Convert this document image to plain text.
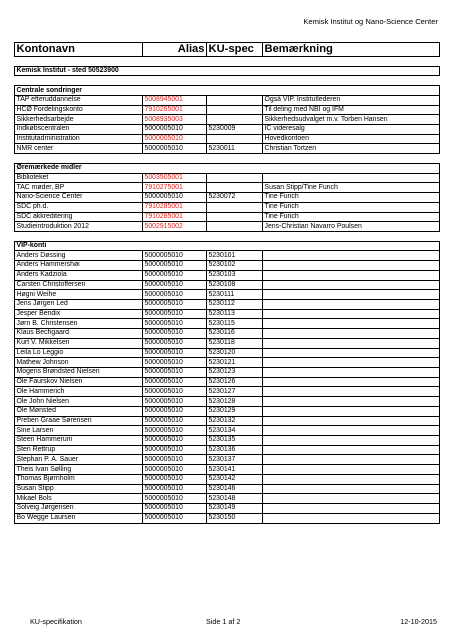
Kemisk Institut og Nano-Science Center
Kontonavn	Alias	KU-spec	Bemærkning

Kemisk Institut - sted 50523900			

Centrale sondringer			
TAP efteruddannelse	5008945001		Også VIP. Institutlederen
HCØ Fordelingskonto	7910265001		Til deling med NBI og IFM
Sikkerhedsarbejde	5008935003		Sikkerhedsudvalget m.v. Torben Hansen
Indkøbscentralen	5000005010	5230009	IC videresalg
Institutadministration	5000005010		Hovedkontoen
NMR center	5000005010	5230011	Christian Tortzen

Øremærkede midler			
Biblioteket	5003505001		
TAC møder, BP	7910275001		Susan Stipp/Tine Funch
Nano-Science Center	5000005010	5230072	Tine Funch
SDC ph.d.	7910285001		Tine Funch
SDC akkreditering	7910285001		Tine Funch
Studieintroduktion 2012	5002915002		Jens-Christian Navarro Poulsen

VIP-konti			
Anders Døssing	5000005010	5230101	
Anders Hammershøi	5000005010	5230102	
Anders Kadziola	5000005010	5230103	
Carsten Christoffersen	5000005010	5230108	
Høgni Weihe	5000005010	5230111	
Jens Jørgen Led	5000005010	5230112	
Jesper Bendix	5000005010	5230113	
Jørn B. Christensen	5000005010	5230115	
Klaus Bechgaard	5000005010	5230116	
Kurt V. Mikkelsen	5000005010	5230118	
Leila Lo Leggio	5000005010	5230120	
Mathew Johnson	5000005010	5230121	
Mogens Brøndsted Nielsen	5000005010	5230123	
Ole Faurskov Nielsen	5000005010	5230126	
Ole Hammerich	5000005010	5230127	
Ole John Nielsen	5000005010	5230128	
Ole Mønsted	5000005010	5230129	
Preben Graae Sørensen	5000005010	5230132	
Sine Larsen	5000005010	5230134	
Steen Hammerum	5000005010	5230135	
Sten Rettrup	5000005010	5230136	
Stephan P. A. Sauer	5000005010	5230137	
Theis Ivan Sølling	5000005010	5230141	
Thomas Bjørnholm	5000005010	5230142	
Susan Stipp	5000005010	5230146	
Mikael Bols	5000005010	5230148	
Solveig Jørgensen	5000005010	5230149	
Bo Wegge Laursen	5000005010	5230150	
KU-specifikation	Side 1 af 2	12-10-2015
